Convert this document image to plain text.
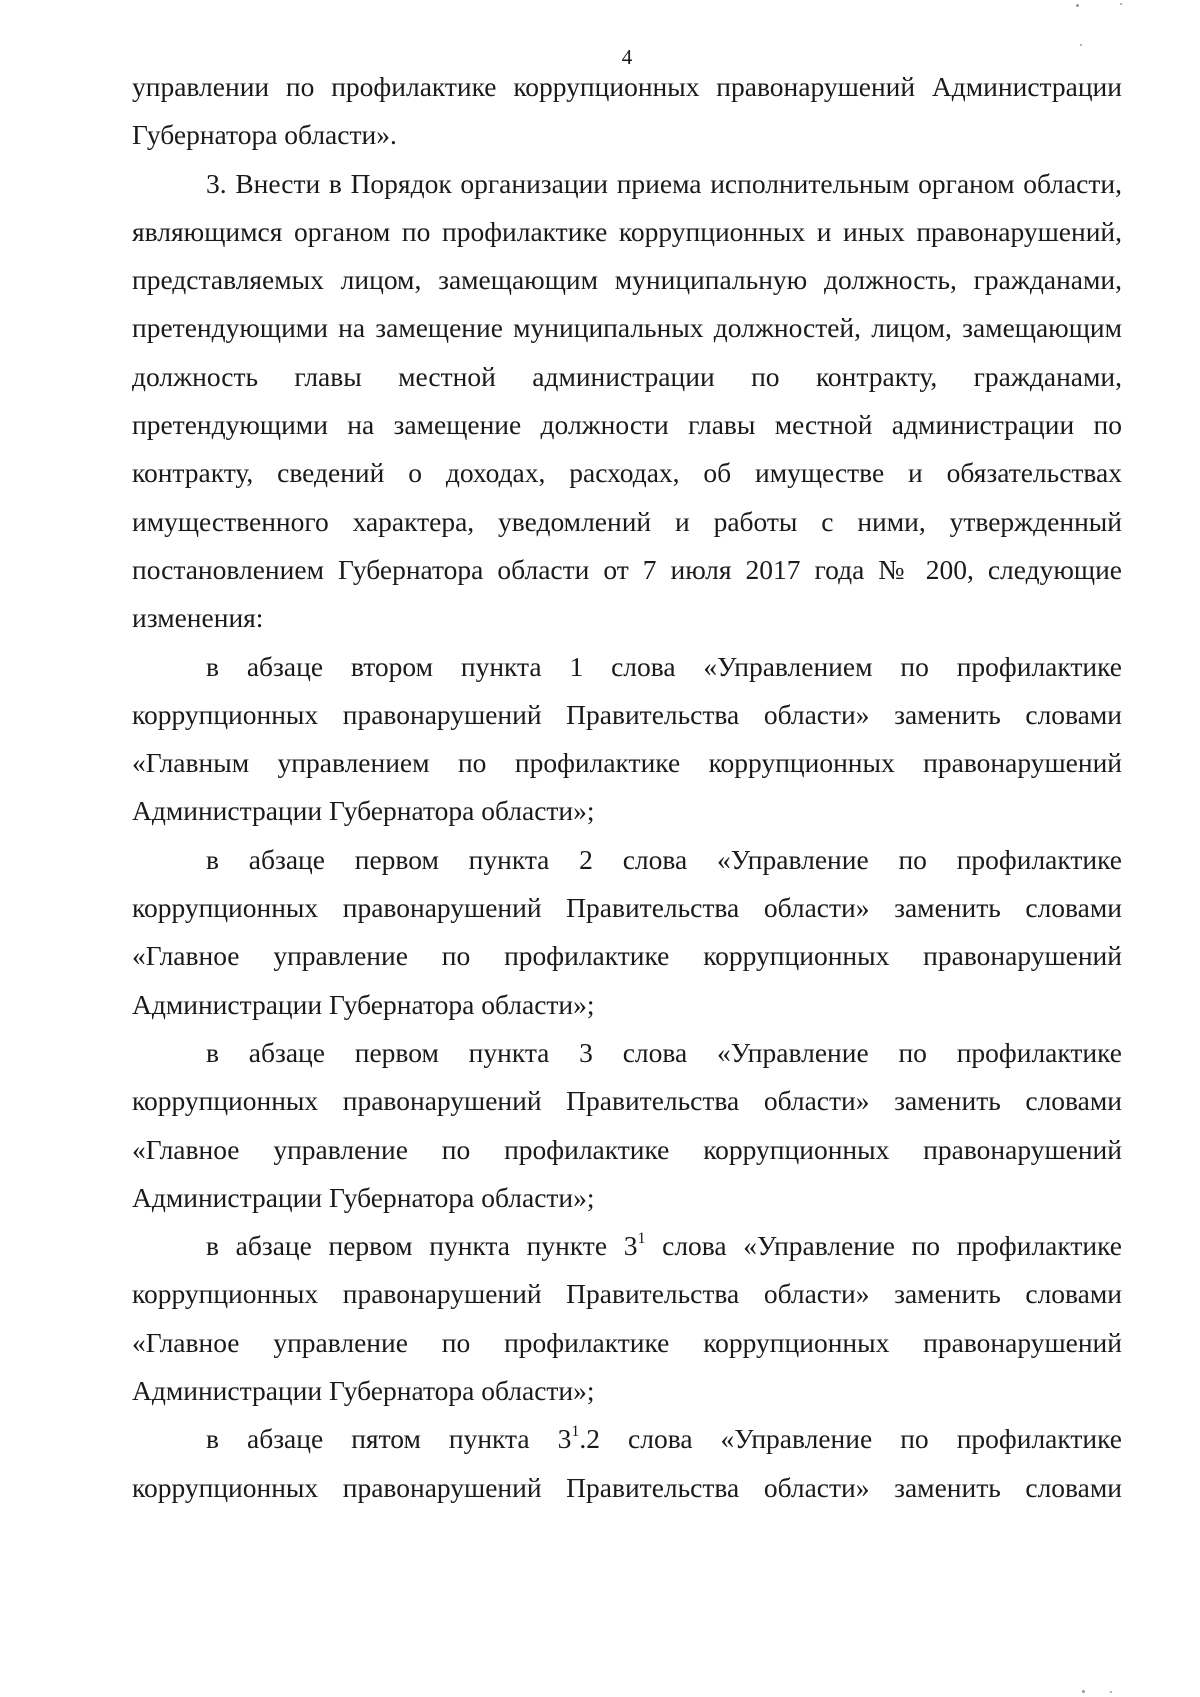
4

управлении по профилактике коррупционных правонарушений Администрации Губернатора области».

3. Внести в Порядок организации приема исполнительным органом области, являющимся органом по профилактике коррупционных и иных правонарушений, представляемых лицом, замещающим муниципальную должность, гражданами, претендующими на замещение муниципальных должностей, лицом, замещающим должность главы местной администрации по контракту, гражданами, претендующими на замещение должности главы местной администрации по контракту, сведений о доходах, расходах, об имуществе и обязательствах имущественного характера, уведомлений и работы с ними, утвержденный постановлением Губернатора области от 7 июля 2017 года № 200, следующие изменения:

в абзаце втором пункта 1 слова «Управлением по профилактике коррупционных правонарушений Правительства области» заменить словами «Главным управлением по профилактике коррупционных правонарушений Администрации Губернатора области»;

в абзаце первом пункта 2 слова «Управление по профилактике коррупционных правонарушений Правительства области» заменить словами «Главное управление по профилактике коррупционных правонарушений Администрации Губернатора области»;

в абзаце первом пункта 3 слова «Управление по профилактике коррупционных правонарушений Правительства области» заменить словами «Главное управление по профилактике коррупционных правонарушений Администрации Губернатора области»;

в абзаце первом пункта пункте $3^1$ слова «Управление по профилактике коррупционных правонарушений Правительства области» заменить словами «Главное управление по профилактике коррупционных правонарушений Администрации Губернатора области»;

в абзаце пятом пункта $3^1.2$ слова «Управление по профилактике коррупционных правонарушений Правительства области» заменить словами
